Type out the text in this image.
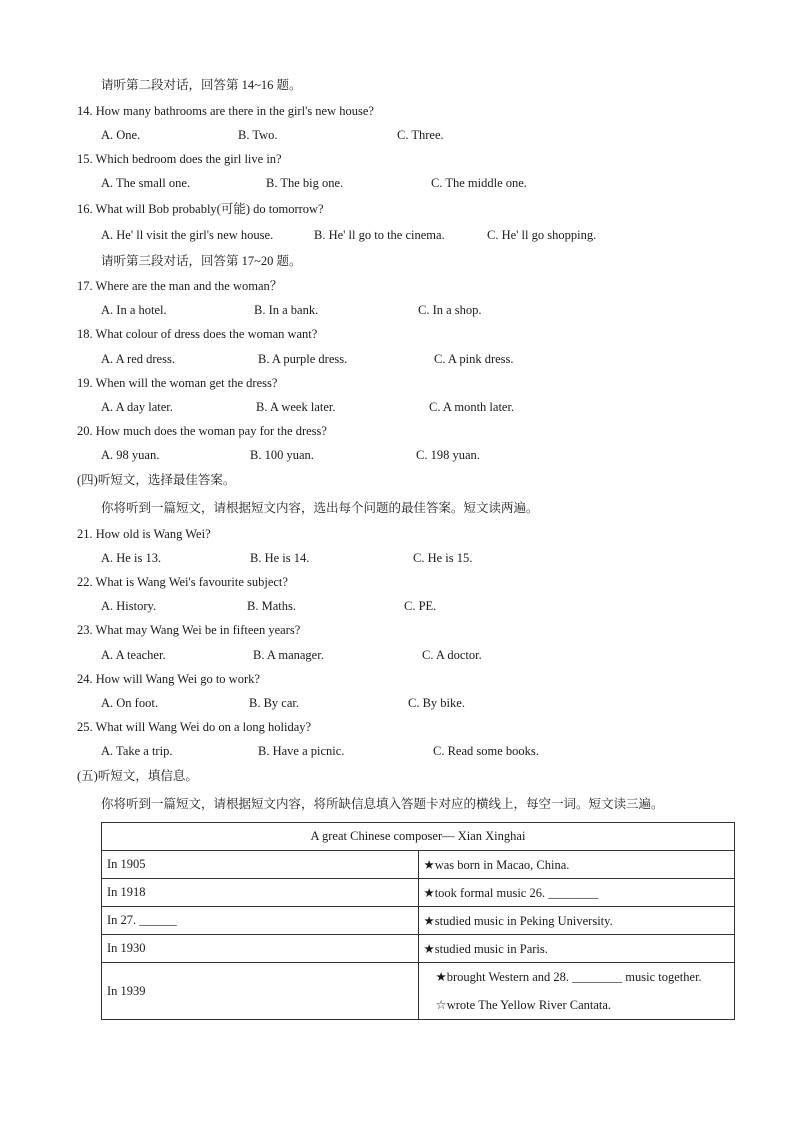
请听第二段对话，回答第 14~16 题。
14. How many bathrooms are there in the girl's new house?
A. One.	B. Two.	C. Three.
15. Which bedroom does the girl live in?
A. The small one.	B. The big one.	C. The middle one.
16. What will Bob probably(可能) do tomorrow?
A. He' ll visit the girl's new house.	B. He' ll go to the cinema.	C. He' ll go shopping.
请听第三段对话，回答第 17~20 题。
17. Where are the man and the woman？
A. In a hotel.	B. In a bank.	C. In a shop.
18. What colour of dress does the woman want?
A. A red dress.	B. A purple dress.	C. A pink dress.
19. When will the woman get the dress?
A. A day later.	B. A week later.	C. A month later.
20. How much does the woman pay for the dress?
A. 98 yuan.	B. 100 yuan.	C. 198 yuan.
(四)听短文，选择最佳答案。
你将听到一篇短文，请根据短文内容，选出每个问题的最佳答案。短文读两遍。
21. How old is Wang Wei?
A. He is 13.	B. He is 14.	C. He is 15.
22. What is Wang Wei's favourite subject?
A. History.	B. Maths.	C. PE.
23. What may Wang Wei be in fifteen years?
A. A teacher.	B. A manager.	C. A doctor.
24. How will Wang Wei go to work?
A. On foot.	B. By car.	C. By bike.
25. What will Wang Wei do on a long holiday?
A. Take a trip.	B. Have a picnic.	C. Read some books.
(五)听短文，填信息。
你将听到一篇短文，请根据短文内容，将所缺信息填入答题卡对应的横线上，每空一词。短文读三遍。
A great Chinese composer— Xian Xinghai	
In 1905	★was born in Macao, China.
In 1918	★took formal music 26. ________
In 27. ______	★studied music in Peking University.
In 1930	★studied music in Paris.
In 1939	★brought Western and 28. ________ music together.
☆wrote The Yellow River Cantata.
